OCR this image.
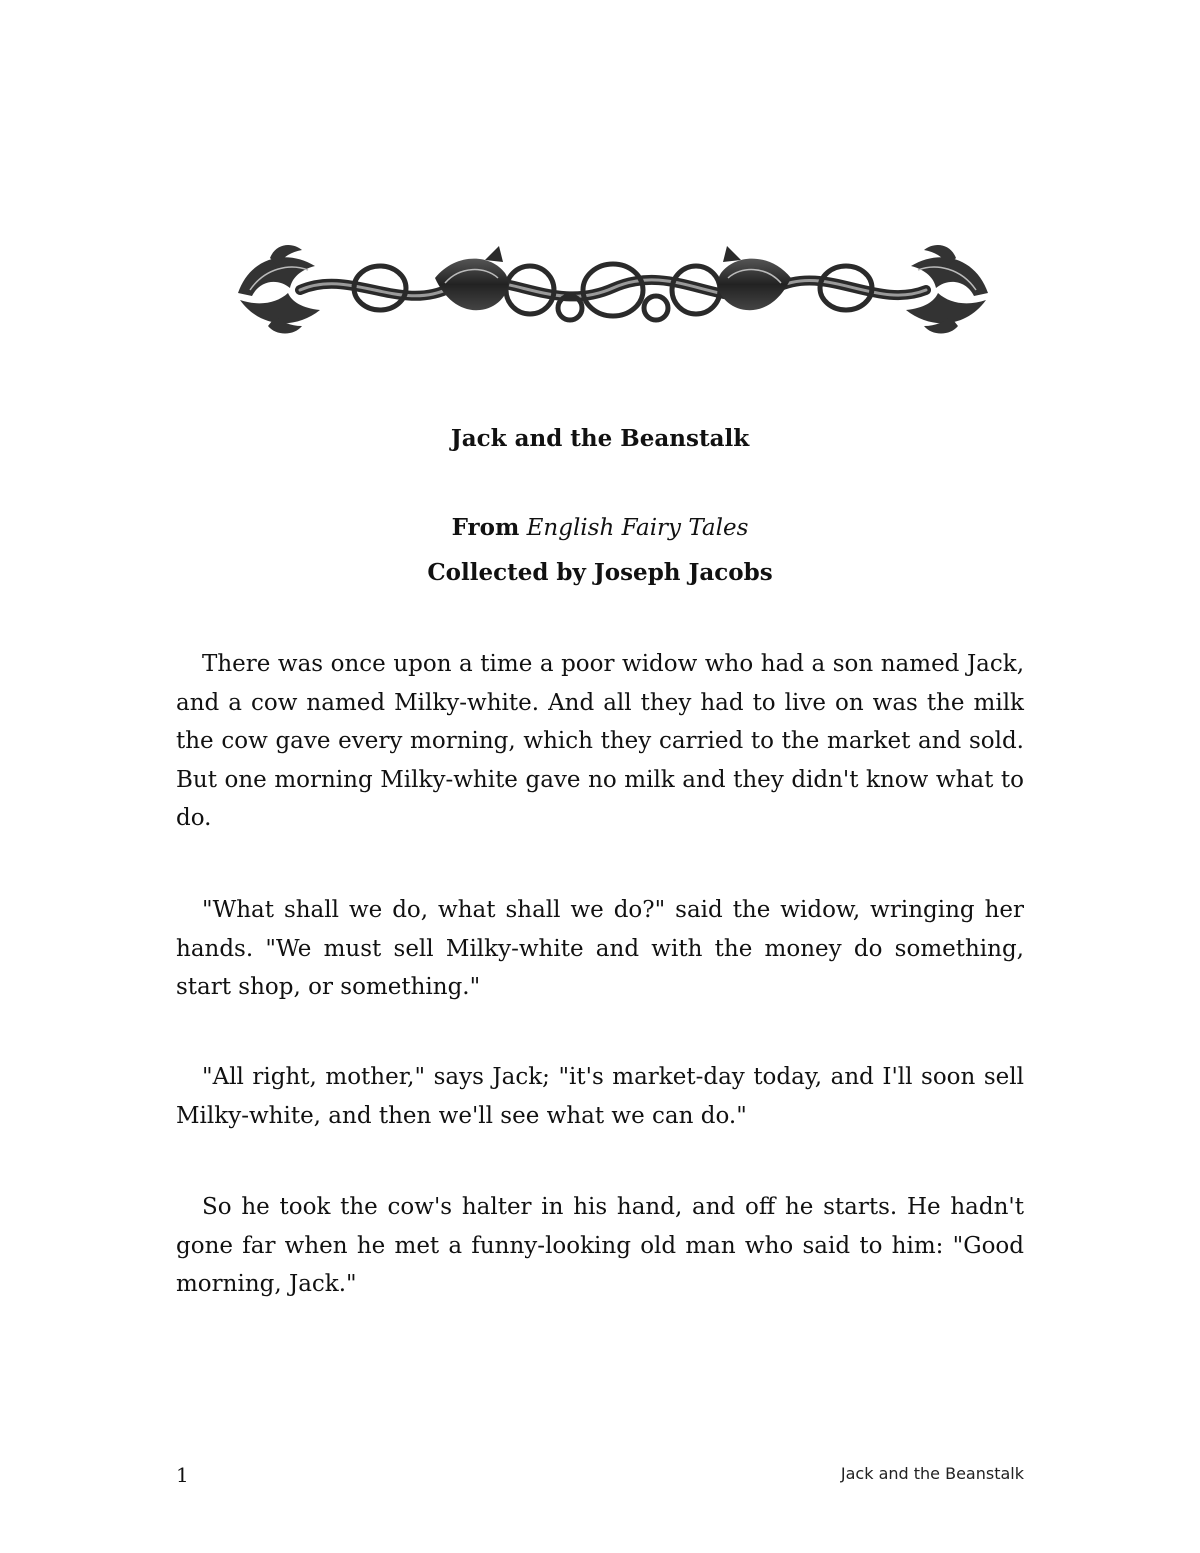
Jack and the Beanstalk
From English Fairy Tales
Collected by Joseph Jacobs

There was once upon a time a poor widow who had a son named Jack, and a cow named Milky-white. And all they had to live on was the milk the cow gave every morning, which they carried to the market and sold. But one morning Milky-white gave no milk and they didn't know what to do.

"What shall we do, what shall we do?" said the widow, wringing her hands. "We must sell Milky-white and with the money do something, start shop, or something."

"All right, mother," says Jack; "it's market-day today, and I'll soon sell Milky-white, and then we'll see what we can do."

So he took the cow's halter in his hand, and off he starts. He hadn't gone far when he met a funny-looking old man who said to him: "Good morning, Jack."

1	Jack and the Beanstalk
